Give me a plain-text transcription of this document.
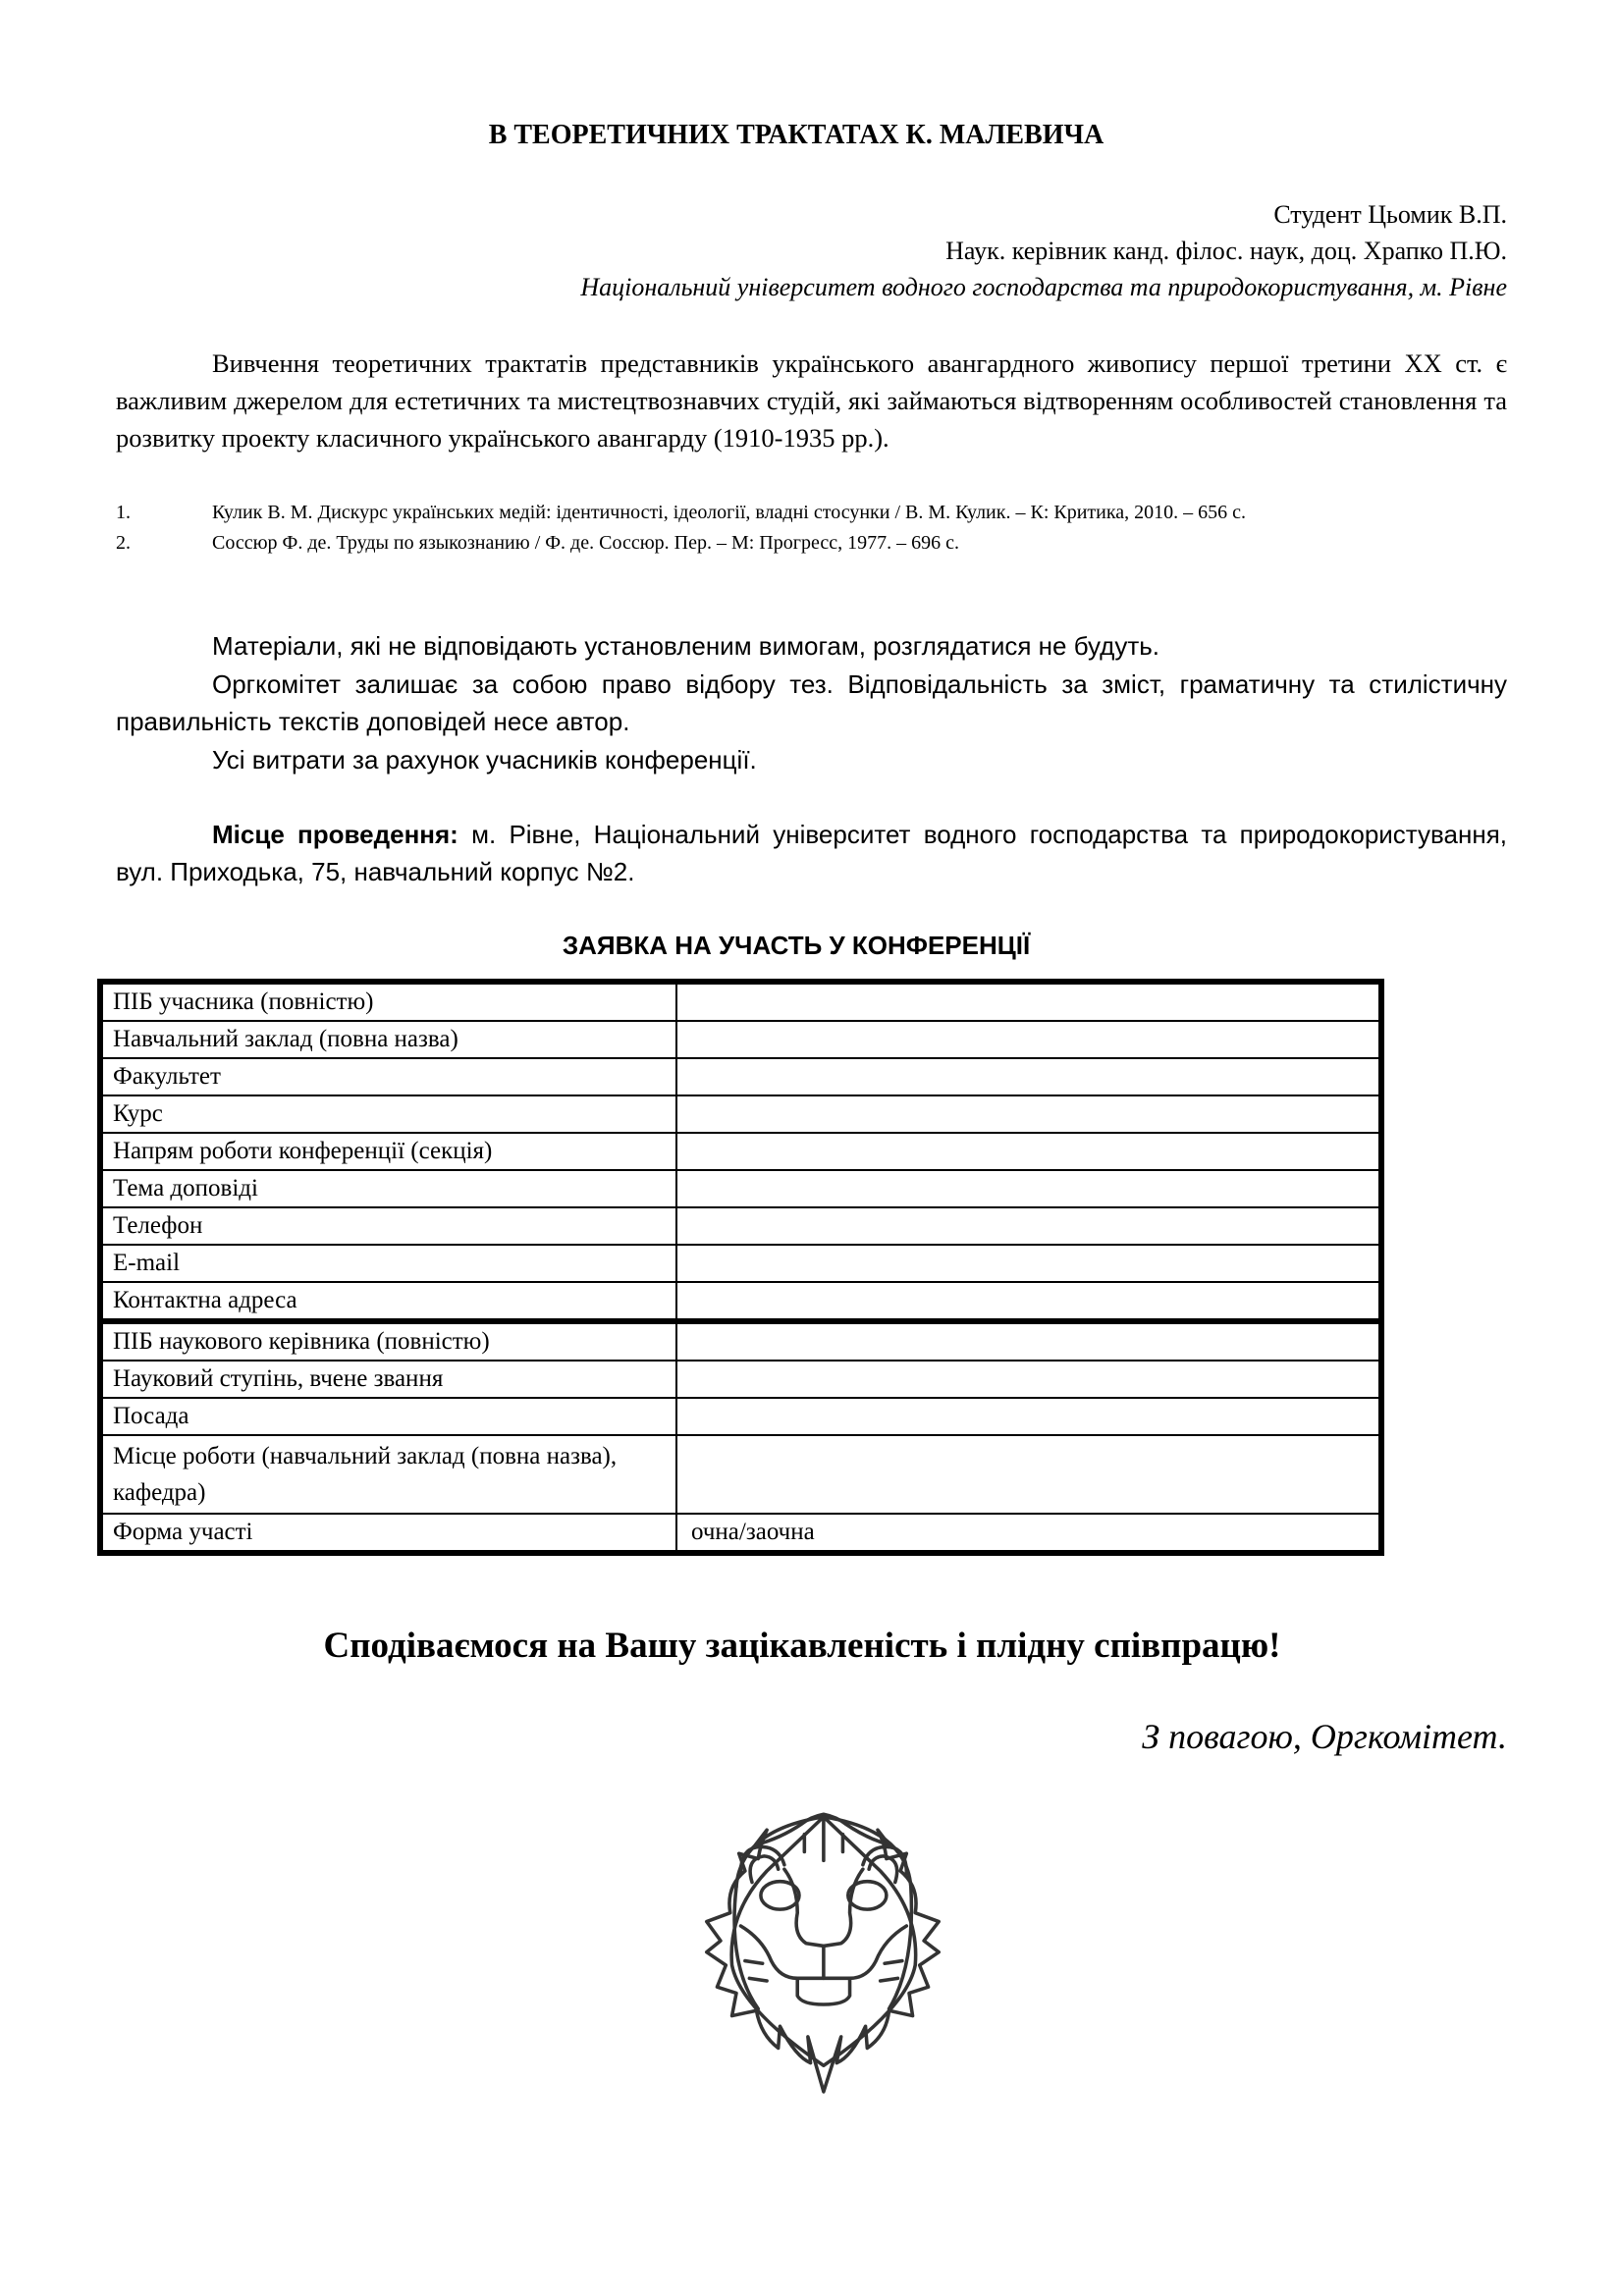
В ТЕОРЕТИЧНИХ ТРАКТАТАХ К. МАЛЕВИЧА
Студент Цьомик В.П.
Наук. керівник канд. філос. наук, доц. Храпко П.Ю.
Національний університет водного господарства та природокористування, м. Рівне
Вивчення теоретичних трактатів представників українського авангардного живопису першої третини ХХ ст. є важливим джерелом для естетичних та мистецтвознавчих студій, які займаються відтворенням особливостей становлення та розвитку проекту класичного українського авангарду (1910-1935 рр.).
1.	Кулик В. М. Дискурс українських медій: ідентичності, ідеології, владні стосунки / В. М. Кулик. – К: Критика, 2010. – 656 с.
2.	Соссюр Ф. де. Труды по языкознанию / Ф. де. Соссюр. Пер. – М: Прогресс, 1977. – 696 с.

Матеріали, які не відповідають установленим вимогам, розглядатися не будуть.

Оргкомітет залишає за собою право відбору тез. Відповідальність за зміст, граматичну та стилістичну правильність текстів доповідей несе автор.

Усі витрати за рахунок учасників конференції.

Місце проведення: м. Рівне, Національний університет водного господарства та природокористування, вул. Приходька, 75, навчальний корпус №2.
ЗАЯВКА НА УЧАСТЬ У КОНФЕРЕНЦІЇ
ПІБ учасника (повністю)	
Навчальний заклад (повна назва)	
Факультет	
Курс	
Напрям роботи конференції (секція)	
Тема доповіді	
Телефон	
E-mail	
Контактна адреса	
ПІБ наукового керівника (повністю)	
Науковий ступінь, вчене звання	
Посада	
Місце роботи (навчальний заклад (повна назва), кафедра)	
Форма участі	очна/заочна
Сподіваємося на Вашу зацікавленість і плідну співпрацю!
З повагою, Оргкомітет.
